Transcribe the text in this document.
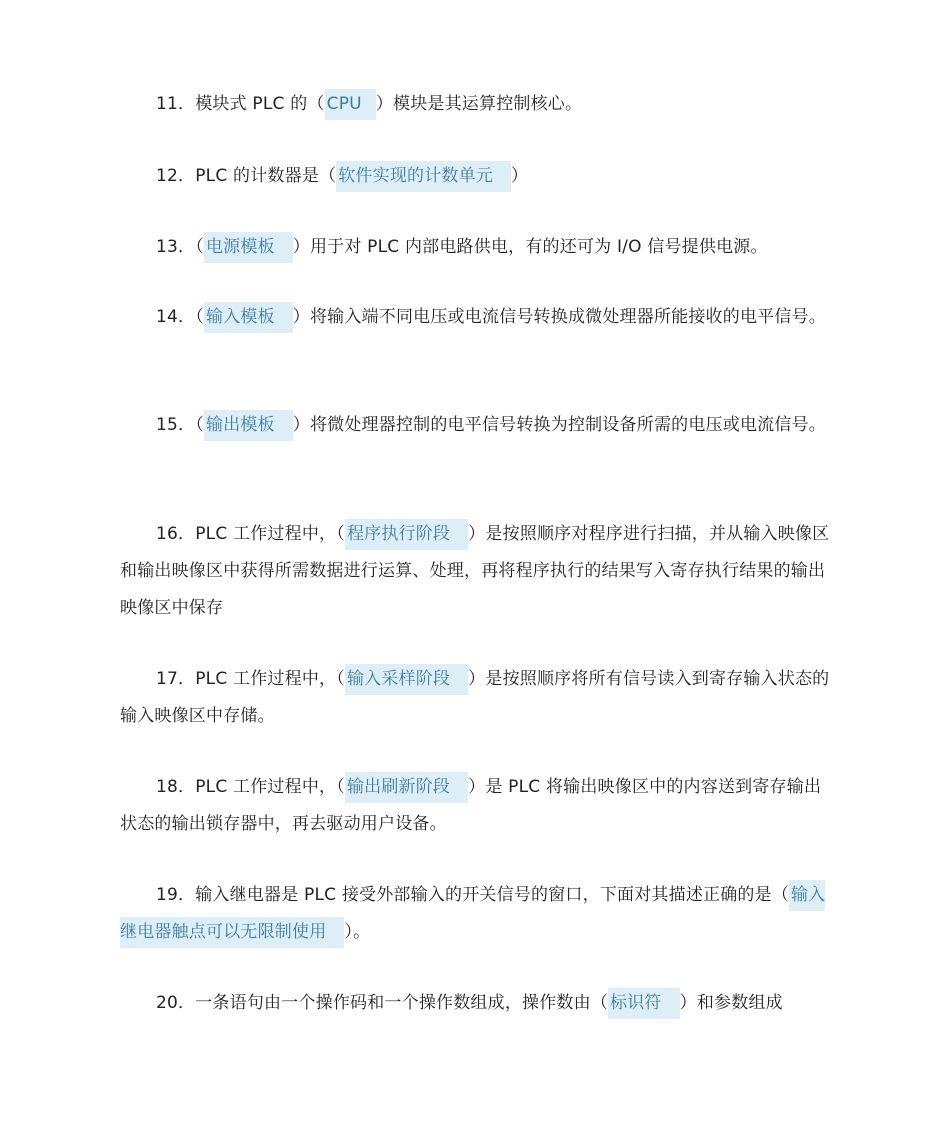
11．模块式 PLC 的（ CPU ）模块是其运算控制核心。

12．PLC 的计数器是（ 软件实现的计数单元 ）

13．（ 电源模板 ）用于对 PLC 内部电路供电，有的还可为 I/O 信号提供电源。

14．（ 输入模板 ）将输入端不同电压或电流信号转换成微处理器所能接收的电平信号。

15．（ 输出模板 ）将微处理器控制的电平信号转换为控制设备所需的电压或电流信号。

16．PLC 工作过程中，（ 程序执行阶段 ）是按照顺序对程序进行扫描，并从输入映像区和输出映像区中获得所需数据进行运算、处理，再将程序执行的结果写入寄存执行结果的输出映像区中保存

17．PLC 工作过程中，（ 输入采样阶段 ）是按照顺序将所有信号读入到寄存输入状态的输入映像区中存储。

18．PLC 工作过程中，（ 输出刷新阶段 ）是 PLC 将输出映像区中的内容送到寄存输出状态的输出锁存器中，再去驱动用户设备。

19．输入继电器是 PLC 接受外部输入的开关信号的窗口，下面对其描述正确的是（ 输入继电器触点可以无限制使用 ）。

20．一条语句由一个操作码和一个操作数组成，操作数由（ 标识符 ）和参数组成
